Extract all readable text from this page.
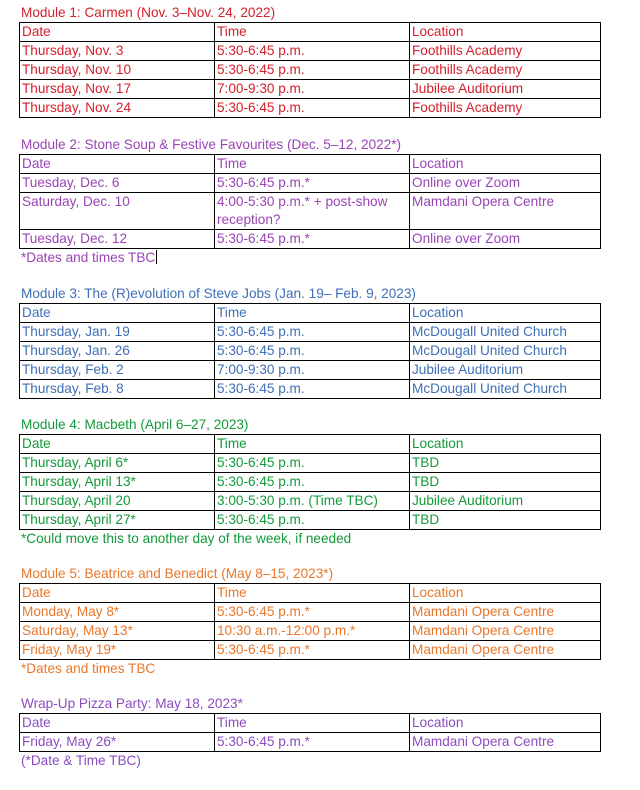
Module 1: Carmen (Nov. 3–Nov. 24, 2022)
Date	Time	Location
Thursday, Nov. 3	5:30-6:45 p.m.	Foothills Academy
Thursday, Nov. 10	5:30-6:45 p.m.	Foothills Academy
Thursday, Nov. 17	7:00-9:30 p.m.	Jubilee Auditorium
Thursday, Nov. 24	5:30-6:45 p.m.	Foothills Academy
Module 2: Stone Soup & Festive Favourites (Dec. 5–12, 2022*)
Date	Time	Location
Tuesday, Dec. 6	5:30-6:45 p.m.*	Online over Zoom
Saturday, Dec. 10	4:00-5:30 p.m.* + post-show reception?	Mamdani Opera Centre
Tuesday, Dec. 12	5:30-6:45 p.m.*	Online over Zoom
*Dates and times TBC
Module 3: The (R)evolution of Steve Jobs (Jan. 19– Feb. 9, 2023)
Date	Time	Location
Thursday, Jan. 19	5:30-6:45 p.m.	McDougall United Church
Thursday, Jan. 26	5:30-6:45 p.m.	McDougall United Church
Thursday, Feb. 2	7:00-9:30 p.m.	Jubilee Auditorium
Thursday, Feb. 8	5:30-6:45 p.m.	McDougall United Church
Module 4: Macbeth (April 6–27, 2023)
Date	Time	Location
Thursday, April 6*	5:30-6:45 p.m.	TBD
Thursday, April 13*	5:30-6:45 p.m.	TBD
Thursday, April 20	3:00-5:30 p.m. (Time TBC)	Jubilee Auditorium
Thursday, April 27*	5:30-6:45 p.m.	TBD
*Could move this to another day of the week, if needed
Module 5: Beatrice and Benedict (May 8–15, 2023*)
Date	Time	Location
Monday, May 8*	5:30-6:45 p.m.*	Mamdani Opera Centre
Saturday, May 13*	10:30 a.m.-12:00 p.m.*	Mamdani Opera Centre
Friday, May 19*	5:30-6:45 p.m.*	Mamdani Opera Centre
*Dates and times TBC
Wrap-Up Pizza Party: May 18, 2023*
Date	Time	Location
Friday, May 26*	5:30-6:45 p.m.*	Mamdani Opera Centre
(*Date & Time TBC)
